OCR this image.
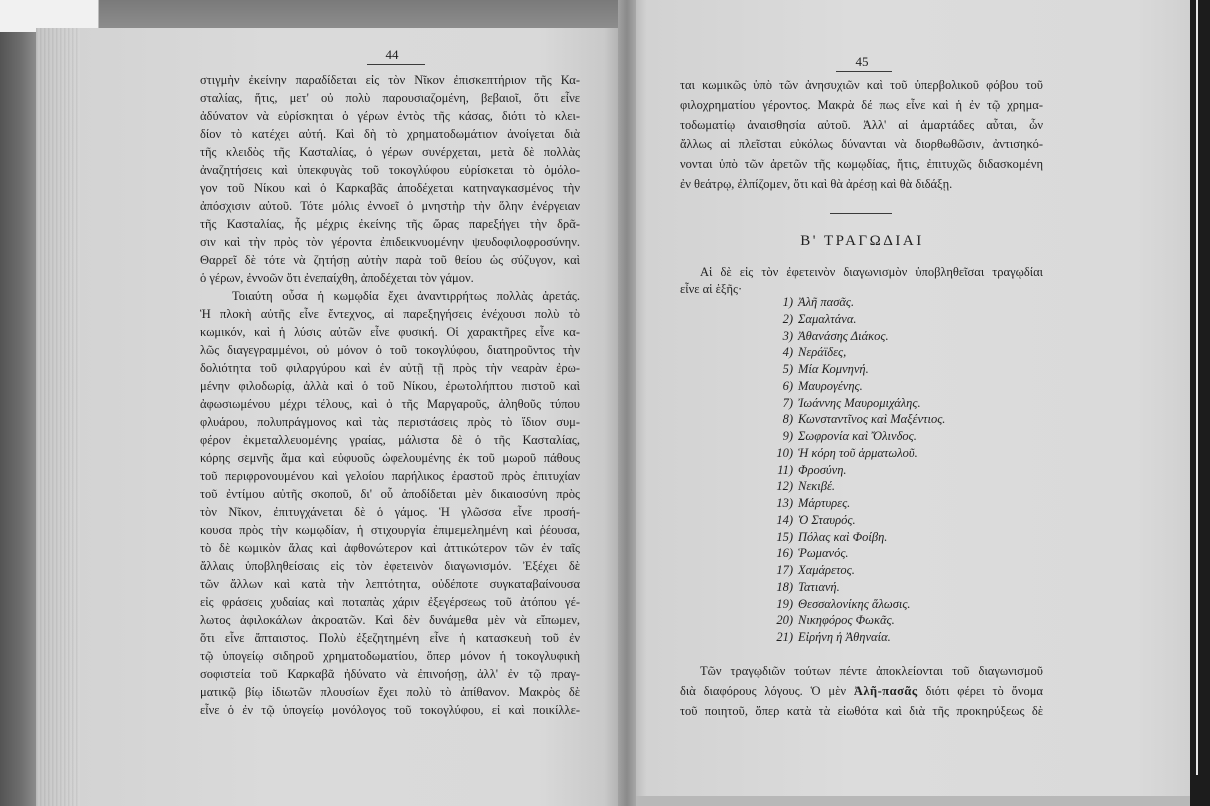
44
στιγμὴν ἐκείνην παραδίδεται εἰς τὸν Νῖκον ἐπισκεπτήριον τῆς Κα-
σταλίας, ἥτις, μετ' οὐ πολὺ παρουσιαζομένη, βεβαιοῖ, ὅτι εἶνε
ἀδύνατον νὰ εὑρίσκηται ὁ γέρων ἐντὸς τῆς κάσας, διότι τὸ κλει-
δίον τὸ κατέχει αὐτή. Καὶ δὴ τὸ χρηματοδωμάτιον ἀνοίγεται διὰ
τῆς κλειδὸς τῆς Κασταλίας, ὁ γέρων συνέρχεται, μετὰ δὲ πολλὰς
ἀναζητήσεις καὶ ὑπεκφυγὰς τοῦ τοκογλύφου εὑρίσκεται τὸ ὁμόλο-
γον τοῦ Νίκου καὶ ὁ Καρκαβᾶς ἀποδέχεται κατηναγκασμένος τὴν
ἀπόσχισιν αὐτοῦ. Τότε μόλις ἐννοεῖ ὁ μνηστὴρ τὴν ὅλην ἐνέργειαν
τῆς Κασταλίας, ἧς μέχρις ἐκείνης τῆς ὥρας παρεξήγει τὴν δρᾶ-
σιν καὶ τὴν πρὸς τὸν γέροντα ἐπιδεικνυομένην ψευδοφιλοφροσύνην.
Θαρρεῖ δὲ τότε νὰ ζητήσῃ αὐτὴν παρὰ τοῦ θείου ὡς σύζυγον, καὶ
ὁ γέρων, ἐννοῶν ὅτι ἐνεπαίχθη, ἀποδέχεται τὸν γάμον.
Τοιαύτη οὖσα ἡ κωμῳδία ἔχει ἀναντιρρήτως πολλὰς ἀρετάς.
Ἡ πλοκὴ αὐτῆς εἶνε ἔντεχνος, αἱ παρεξηγήσεις ἐνέχουσι πολὺ τὸ
κωμικόν, καὶ ἡ λύσις αὐτῶν εἶνε φυσική. Οἱ χαρακτῆρες εἶνε κα-
λῶς διαγεγραμμένοι, οὐ μόνον ὁ τοῦ τοκογλύφου, διατηροῦντος τὴν
δολιότητα τοῦ φιλαργύρου καὶ ἐν αὐτῇ τῇ πρὸς τὴν νεαρὰν ἐρω-
μένην φιλοδωρίᾳ, ἀλλὰ καὶ ὁ τοῦ Νίκου, ἐρωτολήπτου πιστοῦ καὶ
ἀφωσιωμένου μέχρι τέλους, καὶ ὁ τῆς Μαργαροῦς, ἀληθοῦς τύπου
φλυάρου, πολυπράγμονος καὶ τὰς περιστάσεις πρὸς τὸ ἴδιον συμ-
φέρον ἐκμεταλλευομένης γραίας, μάλιστα δὲ ὁ τῆς Κασταλίας,
κόρης σεμνῆς ἅμα καὶ εὐφυοῦς ὠφελουμένης ἐκ τοῦ μωροῦ πάθους
τοῦ περιφρονουμένου καὶ γελοίου παρήλικος ἐραστοῦ πρὸς ἐπιτυχίαν
τοῦ ἐντίμου αὐτῆς σκοποῦ, δι' οὗ ἀποδίδεται μὲν δικαιοσύνη πρὸς
τὸν Νῖκον, ἐπιτυγχάνεται δὲ ὁ γάμος. Ἡ γλῶσσα εἶνε προσή-
κουσα πρὸς τὴν κωμῳδίαν, ἡ στιχουργία ἐπιμεμελημένη καὶ ῥέουσα,
τὸ δὲ κωμικὸν ἅλας καὶ ἀφθονώτερον καὶ ἀττικώτερον τῶν ἐν ταῖς
ἄλλαις ὑποβληθείσαις εἰς τὸν ἐφετεινὸν διαγωνισμόν. Ἐξέχει δὲ
τῶν ἄλλων καὶ κατὰ τὴν λεπτότητα, οὐδέποτε συγκαταβαίνουσα
εἰς φράσεις χυδαίας καὶ ποταπὰς χάριν ἐξεγέρσεως τοῦ ἀτόπου γέ-
λωτος ἀφιλοκάλων ἀκροατῶν. Καὶ δὲν δυνάμεθα μὲν νὰ εἴπωμεν,
ὅτι εἶνε ἄπταιστος. Πολὺ ἐξεζητημένη εἶνε ἡ κατασκευὴ τοῦ ἐν
τῷ ὑπογείῳ σιδηροῦ χρηματοδωματίου, ὅπερ μόνον ἡ τοκογλυφικὴ
σοφιστεία τοῦ Καρκαβᾶ ἠδύνατο νὰ ἐπινοήσῃ, ἀλλ' ἐν τῷ πραγ-
ματικῷ βίῳ ἰδιωτῶν πλουσίων ἔχει πολὺ τὸ ἀπίθανον. Μακρὸς δὲ
εἶνε ὁ ἐν τῷ ὑπογείῳ μονόλογος τοῦ τοκογλύφου, εἰ καὶ ποικίλλε-
45
ται κωμικῶς ὑπὸ τῶν ἀνησυχιῶν καὶ τοῦ ὑπερβολικοῦ φόβου τοῦ
φιλοχρηματίου γέροντος. Μακρὰ δέ πως εἶνε καὶ ἡ ἐν τῷ χρημα-
τοδωματίῳ ἀναισθησία αὐτοῦ. Ἀλλ' αἱ ἁμαρτάδες αὗται, ὧν
ἄλλως αἱ πλεῖσται εὐκόλως δύνανται νὰ διορθωθῶσιν, ἀντισηκό-
νονται ὑπὸ τῶν ἀρετῶν τῆς κωμῳδίας, ἥτις, ἐπιτυχῶς διδασκομένη
ἐν θεάτρῳ, ἐλπίζομεν, ὅτι καὶ θὰ ἀρέσῃ καὶ θὰ διδάξῃ.
Β' ΤΡΑΓΩΔΙΑΙ
Αἱ δὲ εἰς τὸν ἐφετεινὸν διαγωνισμὸν ὑποβληθεῖσαι τραγῳδίαι
εἶνε αἱ ἑξῆς·
1) Ἀλῆ πασᾶς.
2) Σαμαλτάνα.
3) Ἀθανάσης Διάκος.
4) Νεράϊδες,
5) Μία Κομνηνή.
6) Μαυρογένης.
7) Ἰωάννης Μαυρομιχάλης.
8) Κωνσταντῖνος καὶ Μαξέντιος.
9) Σωφρονία καὶ Ὄλινδος.
10) Ἡ κόρη τοῦ ἁρματωλοῦ.
11) Φροσύνη.
12) Νεκιβέ.
13) Μάρτυρες.
14) Ὁ Σταυρός.
15) Πόλας καὶ Φοίβη.
16) Ῥωμανός.
17) Χαμάρετος.
18) Τατιανή.
19) Θεσσαλονίκης ἅλωσις.
20) Νικηφόρος Φωκᾶς.
21) Εἰρήνη ἡ Ἀθηναία.
Τῶν τραγῳδιῶν τούτων πέντε ἀποκλείονται τοῦ διαγωνισμοῦ
διὰ διαφόρους λόγους. Ὁ μὲν Ἀλῆ-πασᾶς διότι φέρει τὸ ὄνομα
τοῦ ποιητοῦ, ὅπερ κατὰ τὰ εἰωθότα καὶ διὰ τῆς προκηρύξεως δὲ
